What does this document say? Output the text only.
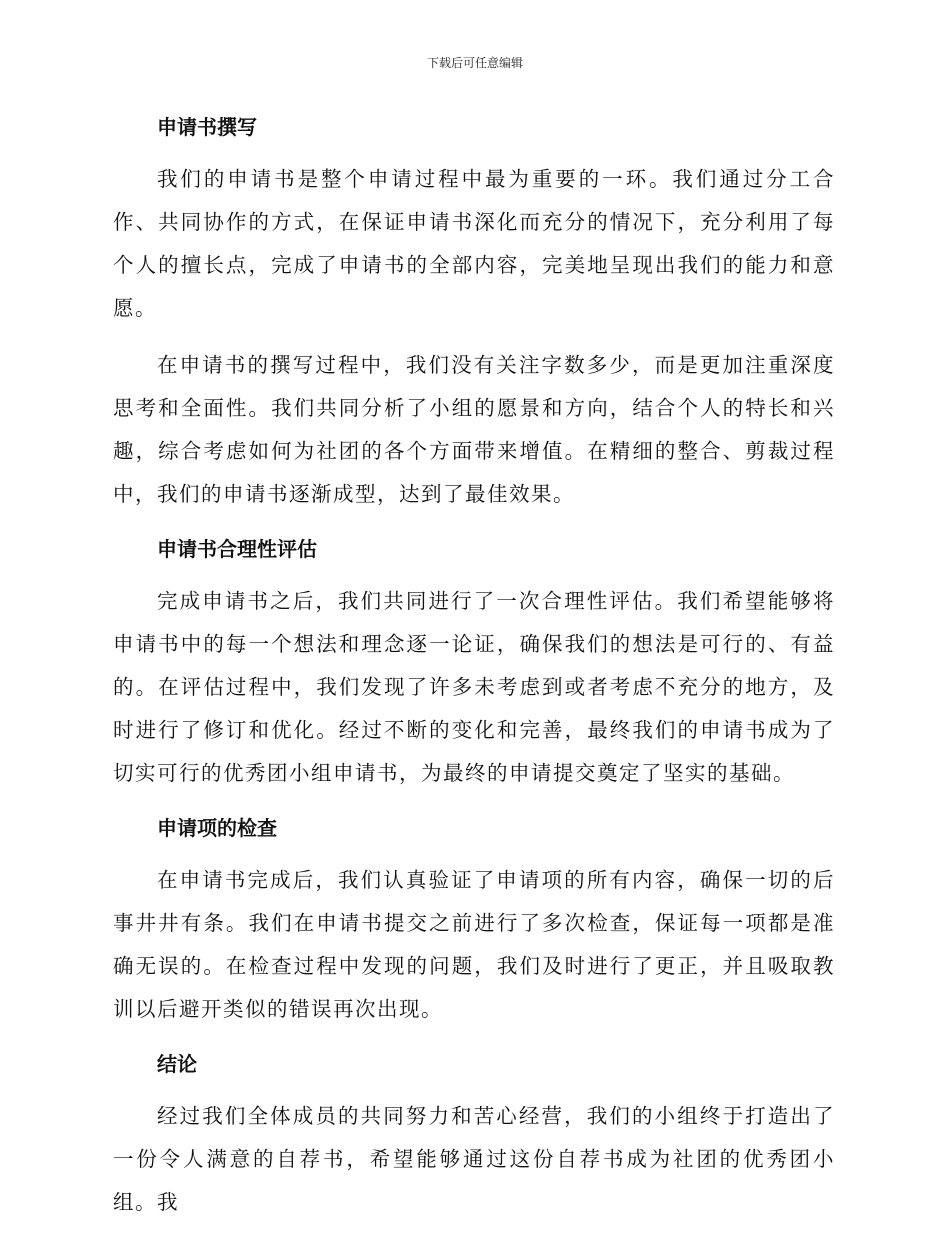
下载后可任意编辑
申请书撰写

我们的申请书是整个申请过程中最为重要的一环。我们通过分工合作、共同协作的方式，在保证申请书深化而充分的情况下，充分利用了每个人的擅长点，完成了申请书的全部内容，完美地呈现出我们的能力和意愿。

在申请书的撰写过程中，我们没有关注字数多少，而是更加注重深度思考和全面性。我们共同分析了小组的愿景和方向，结合个人的特长和兴趣，综合考虑如何为社团的各个方面带来增值。在精细的整合、剪裁过程中，我们的申请书逐渐成型，达到了最佳效果。

申请书合理性评估

完成申请书之后，我们共同进行了一次合理性评估。我们希望能够将申请书中的每一个想法和理念逐一论证，确保我们的想法是可行的、有益的。在评估过程中，我们发现了许多未考虑到或者考虑不充分的地方，及时进行了修订和优化。经过不断的变化和完善，最终我们的申请书成为了切实可行的优秀团小组申请书，为最终的申请提交奠定了坚实的基础。

申请项的检查

在申请书完成后，我们认真验证了申请项的所有内容，确保一切的后事井井有条。我们在申请书提交之前进行了多次检查，保证每一项都是准确无误的。在检查过程中发现的问题，我们及时进行了更正，并且吸取教训以后避开类似的错误再次出现。

结论

经过我们全体成员的共同努力和苦心经营，我们的小组终于打造出了一份令人满意的自荐书，希望能够通过这份自荐书成为社团的优秀团小组。我
